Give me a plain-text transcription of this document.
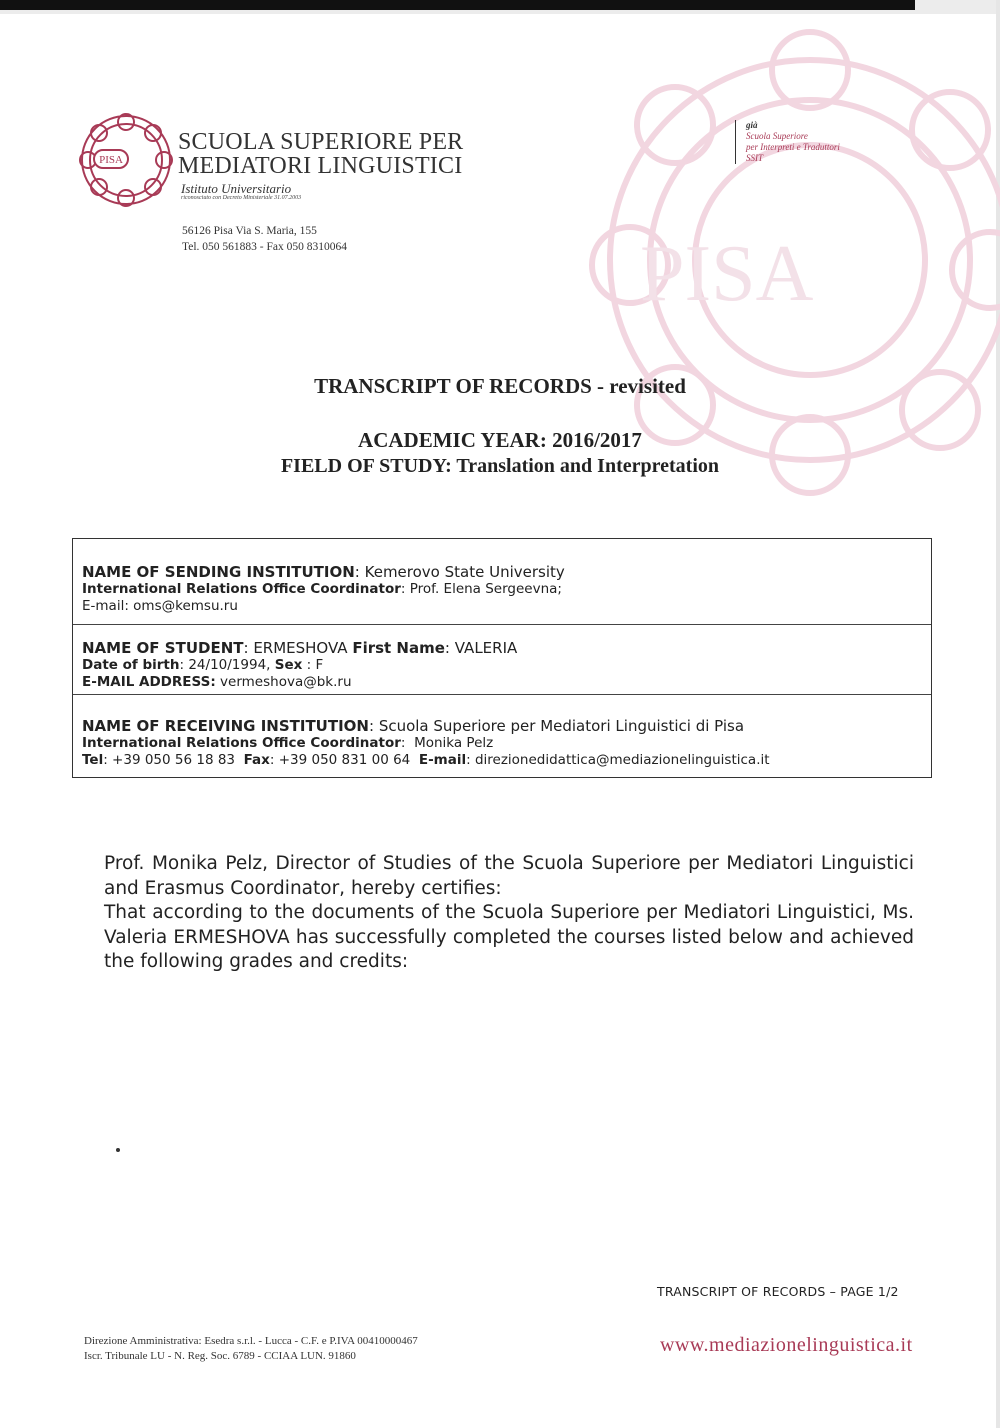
PISA
PISA
SCUOLA SUPERIORE PER
MEDIATORI LINGUISTICI
Istituto Universitario
riconosciuto con Decreto Ministeriale 31.07.2003
56126 Pisa Via S. Maria, 155
Tel. 050 561883 - Fax 050 8310064
già
Scuola Superiore
per Interpreti e Traduttori
SSIT
TRANSCRIPT OF RECORDS - revisited
ACADEMIC YEAR: 2016/2017
FIELD OF STUDY: Translation and Interpretation
NAME OF SENDING INSTITUTION: Kemerovo State University
International Relations Office Coordinator: Prof. Elena Sergeevna;
E-mail: oms@kemsu.ru
NAME OF STUDENT: ERMESHOVA First Name: VALERIA
Date of birth: 24/10/1994, Sex : F
E-MAIL ADDRESS: vermeshova@bk.ru
NAME OF RECEIVING INSTITUTION: Scuola Superiore per Mediatori Linguistici di Pisa
International Relations Office Coordinator:  Monika Pelz
Tel: +39 050 56 18 83 Fax: +39 050 831 00 64 E-mail: direzionedidattica@mediazionelinguistica.it

Prof. Monika Pelz, Director of Studies of the Scuola Superiore per Mediatori Linguistici and Erasmus Coordinator, hereby certifies:

That according to the documents of the Scuola Superiore per Mediatori Linguistici, Ms. Valeria ERMESHOVA has successfully completed the courses listed below and achieved the following grades and credits:

TRANSCRIPT OF RECORDS – PAGE 1/2
Direzione Amministrativa: Esedra s.r.l. - Lucca - C.F. e P.IVA 00410000467
Iscr. Tribunale LU - N. Reg. Soc. 6789 - CCIAA LUN. 91860	www.mediazionelinguistica.it
